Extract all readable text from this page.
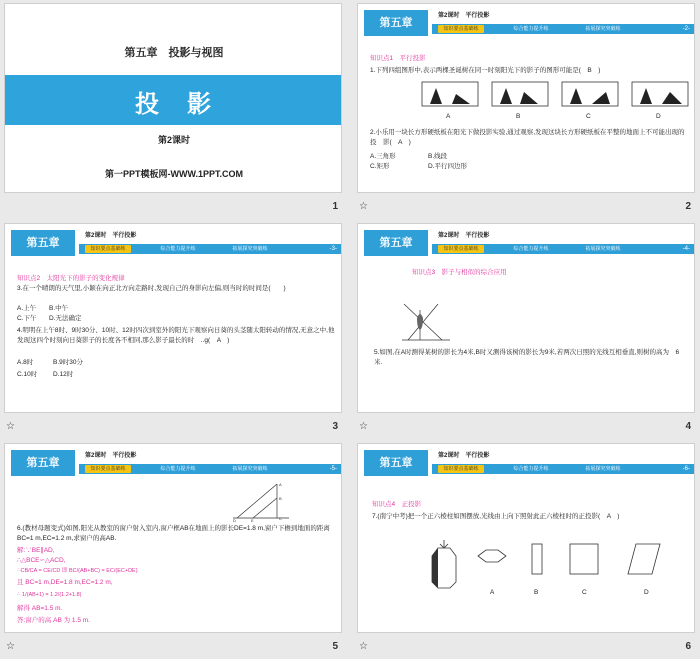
第五章　投影与视图
投　影
第2课时
第一PPT模板网-WWW.1PPT.COM
1
第五章
第2课时　平行投影
知识要点基础练	综合能力提升练	拓展探究突破练	-2-
知识点1　平行投影
1.下列四组图形中,表示两棵圣诞树在同一时刻阳光下的影子的图形可能是(　B　)
A	B	C	D
2.小乐用一块长方形硬纸板在阳光下做投影实验,通过观察,发现这块长方形硬纸板在平整的地面上不可能出现的投　影(　A　)
A.三角形	B.线段
C.矩形	D.平行四边形
☆	2
第五章
第2课时　平行投影
知识要点基础练	综合能力提升练	拓展探究突破练	-3-
知识点2　太阳光下的影子的变化规律
3.在一个晴朗的天气里,小颖在向正北方向走路时,发现自己的身影向左偏,则当时的时间是(　　)
A.上午 B.中午
C.下午 D.无法确定
4.明明在上午8时、9时30分、10时、12时四次到室外的阳光下观察向日葵的头茎随太阳转动的情况,无意之中,他发现这四个时刻向日葵影子的长度各不相同,那么影子最长的时　..g(　A　)
A.8时	B.9时30分
C.10时 D.12时
☆	3
第五章
第2课时　平行投影
知识要点基础练	综合能力提升练	拓展探究突破练	-4-
知识点3　影子与相似的综合应用
5.如图,在A时测得某树的影长为4米,B时又测得该树的影长为9米,若两次日照的光线互相垂直,则树的高为　6　米.
☆	4
第五章
第2课时　平行投影
知识要点基础练	综合能力提升练	拓展探究突破练	-5-
A
B
C
D	E
6.(教材母题变式)如图,阳光从教室的窗户射入室内,窗户框AB在地面上的影长DE=1.8 m,窗户下檐到地面的距离BC=1 m,EC=1.2 m,求窗户的高AB.
解:∵BE∥AD,
∴△BCE∽△ACD,
∴CB/CA = CE/CD 即 BC/(AB+BC) = EC/(EC+DE)
且 BC=1 m,DE=1.8 m,EC=1.2 m,
∴ 1/(AB+1) = 1.2/(1.2+1.8)
解得 AB=1.5 m.
答:窗户的高 AB 为 1.5 m.
☆	5
第五章
第2课时　平行投影
知识要点基础练	综合能力提升练	拓展探究突破练	-6-
知识点4　正投影
7.(南宁中考)把一个正六棱柱如图摆放,光线由上向下照射此正六棱柱时的正投影(　A　)
A	B	C	D
☆	6
